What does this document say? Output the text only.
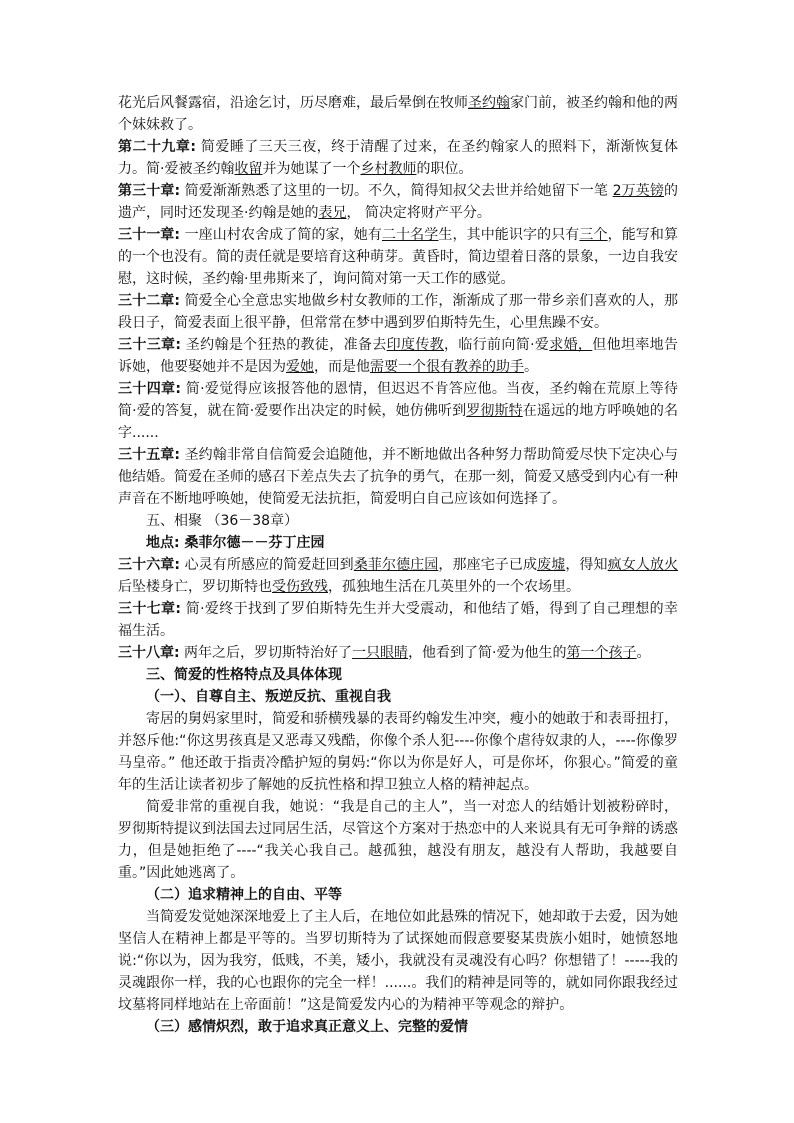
花光后风餐露宿，沿途乞讨，历尽磨难，最后晕倒在牧师圣约翰家门前，被圣约翰和他的两个妹妹救了。

第二十九章: 简爱睡了三天三夜，终于清醒了过来，在圣约翰家人的照料下，渐渐恢复体力。简·爱被圣约翰收留并为她谋了一个乡村教师的职位。

第三十章: 简爱渐渐熟悉了这里的一切。不久，简得知叔父去世并给她留下一笔 2万英镑的遗产，同时还发现圣·约翰是她的表兄， 简决定将财产平分。

三十一章: 一座山村农舍成了简的家，她有二十名学生，其中能识字的只有三个，能写和算的一个也没有。简的责任就是要培育这种萌芽。黄昏时，简边望着日落的景象，一边自我安慰，这时候，圣约翰·里弗斯来了，询问简对第一天工作的感觉。

三十二章: 简爱全心全意忠实地做乡村女教师的工作，渐渐成了那一带乡亲们喜欢的人，那段日子，简爱表面上很平静，但常常在梦中遇到罗伯斯特先生，心里焦躁不安。

三十三章: 圣约翰是个狂热的教徒，准备去印度传教，临行前向简·爱求婚，但他坦率地告诉她，他要娶她并不是因为爱她，而是他需要一个很有教养的助手。

三十四章: 简·爱觉得应该报答他的恩情，但迟迟不肯答应他。当夜，圣约翰在荒原上等待简·爱的答复，就在简·爱要作出决定的时候，她仿佛听到罗彻斯特在遥远的地方呼唤她的名字......

三十五章: 圣约翰非常自信简爱会追随他，并不断地做出各种努力帮助简爱尽快下定决心与他结婚。简爱在圣师的感召下差点失去了抗争的勇气，在那一刻，简爱又感受到内心有一种声音在不断地呼唤她，使简爱无法抗拒，简爱明白自己应该如何选择了。

五、相聚 （36－38章）

地点: 桑菲尔德－－芬丁庄园

三十六章: 心灵有所感应的简爱赶回到桑菲尔德庄园，那座宅子已成废墟，得知疯女人放火后坠楼身亡，罗切斯特也受伤致残，孤独地生活在几英里外的一个农场里。

三十七章: 简·爱终于找到了罗伯斯特先生并大受震动，和他结了婚，得到了自己理想的幸福生活。

三十八章: 两年之后，罗切斯特治好了一只眼睛，他看到了简·爱为他生的第一个孩子。

三、简爱的性格特点及具体体现

（一）、自尊自主、叛逆反抗、重视自我

寄居的舅妈家里时，简爱和骄横残暴的表哥约翰发生冲突，瘦小的她敢于和表哥扭打，并怒斥他:“你这男孩真是又恶毒又残酷，你像个杀人犯----你像个虐待奴隶的人，----你像罗马皇帝。” 他还敢于指责冷酷护短的舅妈:“你以为你是好人，可是你坏，你狠心。”简爱的童年的生活让读者初步了解她的反抗性格和捍卫独立人格的精神起点。

简爱非常的重视自我，她说：“我是自己的主人”，当一对恋人的结婚计划被粉碎时，罗彻斯特提议到法国去过同居生活，尽管这个方案对于热恋中的人来说具有无可争辩的诱惑力，但是她拒绝了----“我关心我自己。越孤独，越没有朋友，越没有人帮助，我越要自重。”因此她逃离了。

（二）追求精神上的自由、平等

当简爱发觉她深深地爱上了主人后，在地位如此悬殊的情况下，她却敢于去爱，因为她坚信人在精神上都是平等的。当罗切斯特为了试探她而假意要娶某贵族小姐时，她愤怒地说:“你以为，因为我穷，低贱，不美，矮小，我就没有灵魂没有心吗？你想错了！-----我的灵魂跟你一样，我的心也跟你的完全一样！......。我们的精神是同等的，就如同你跟我经过坟墓将同样地站在上帝面前！”这是简爱发内心的为精神平等观念的辩护。

（三）感情炽烈，敢于追求真正意义上、完整的爱情
